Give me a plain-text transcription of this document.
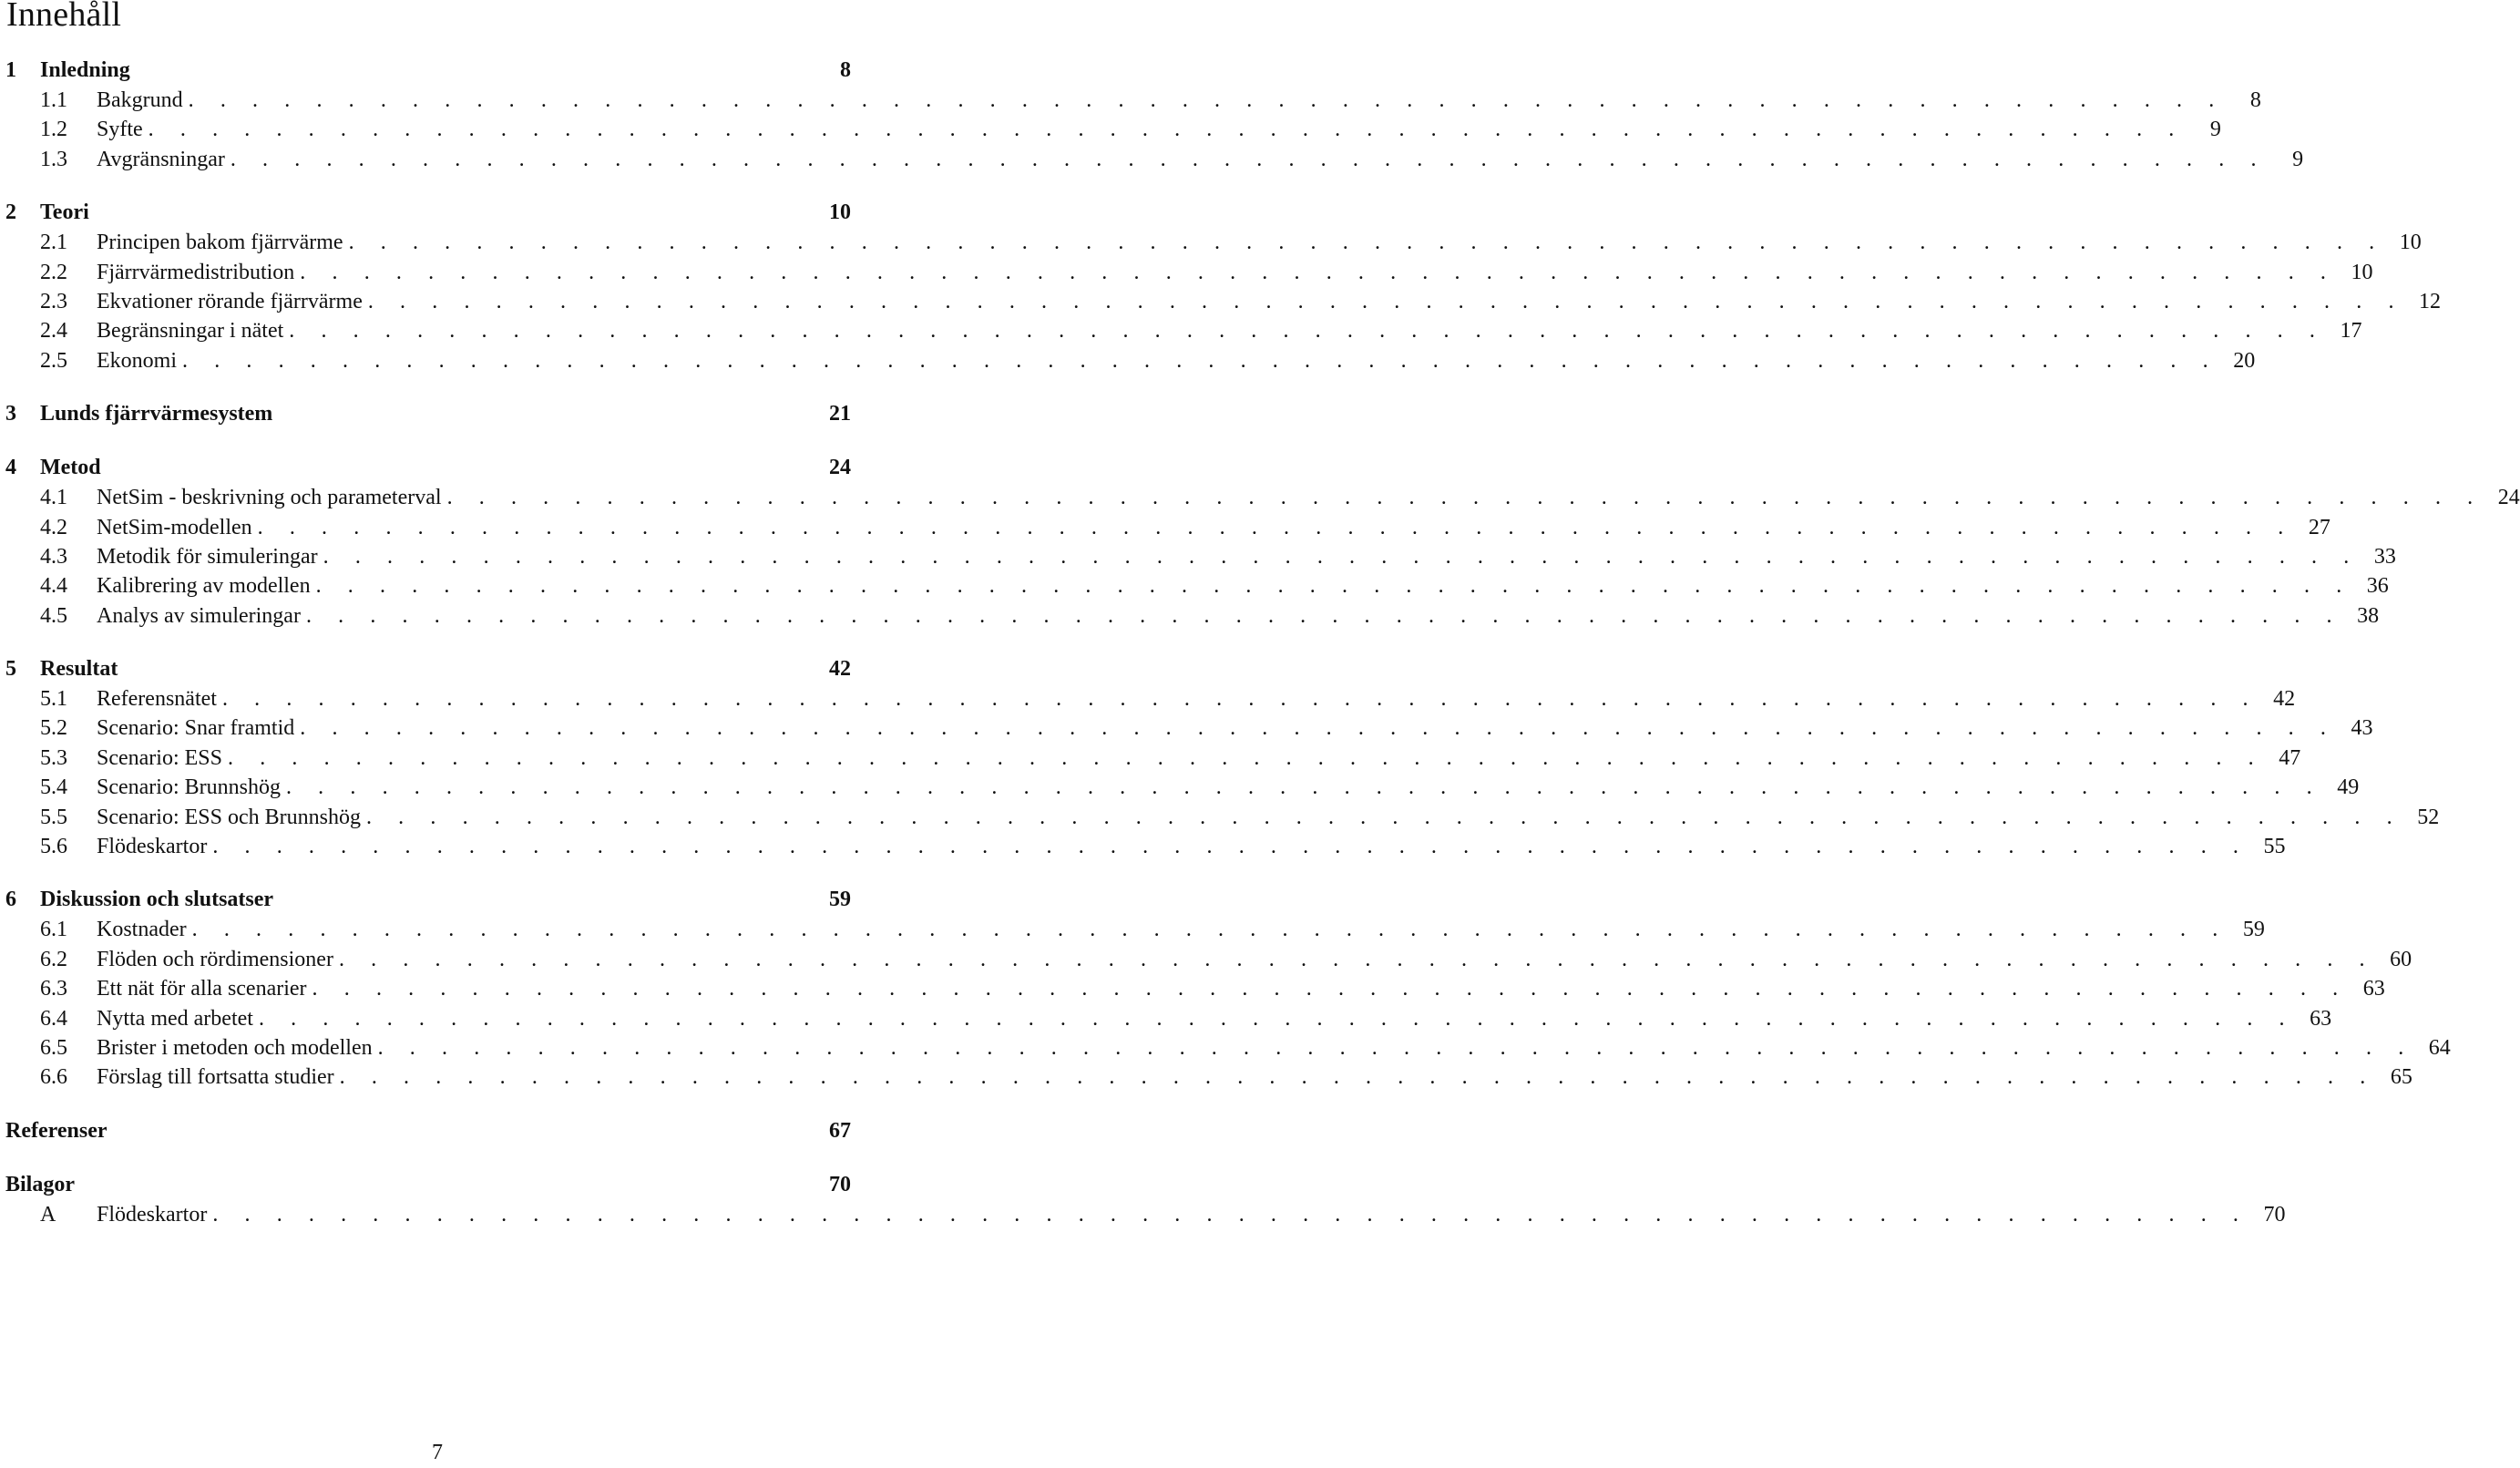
Innehåll
1 Inledning	8
1.1 Bakgrund . . . . . . . . . . . . . . . . . . . . . . . . . . . . . . . . . . . . . . . . . . . . . . . . . . . . . . . . . . . . . . . .	8
1.2 Syfte . . . . . . . . . . . . . . . . . . . . . . . . . . . . . . . . . . . . . . . . . . . . . . . . . . . . . . . . . . . . . . . .	9
1.3 Avgränsningar . . . . . . . . . . . . . . . . . . . . . . . . . . . . . . . . . . . . . . . . . . . . . . . . . . . . . . . . . . . . . . . .	9
2 Teori	10
2.1 Principen bakom fjärrvärme . . . . . . . . . . . . . . . . . . . . . . . . . . . . . . . . . . . . . . . . . . . . . . . . . . . . . . . . . . . . . . . . 10
2.2 Fjärrvärmedistribution . . . . . . . . . . . . . . . . . . . . . . . . . . . . . . . . . . . . . . . . . . . . . . . . . . . . . . . . . . . . . . . . 10
2.3 Ekvationer rörande fjärrvärme . . . . . . . . . . . . . . . . . . . . . . . . . . . . . . . . . . . . . . . . . . . . . . . . . . . . . . . . . . . . . . . . 12
2.4 Begränsningar i nätet . . . . . . . . . . . . . . . . . . . . . . . . . . . . . . . . . . . . . . . . . . . . . . . . . . . . . . . . . . . . . . . . 17
2.5 Ekonomi . . . . . . . . . . . . . . . . . . . . . . . . . . . . . . . . . . . . . . . . . . . . . . . . . . . . . . . . . . . . . . . . 20
3 Lunds fjärrvärmesystem	21
4 Metod	24
4.1 NetSim - beskrivning och parameterval . . . . . . . . . . . . . . . . . . . . . . . . . . . . . . . . . . . . . . . . . . . . . . . . . . . . . . . . . . . . . . . . 24
4.2 NetSim-modellen . . . . . . . . . . . . . . . . . . . . . . . . . . . . . . . . . . . . . . . . . . . . . . . . . . . . . . . . . . . . . . . . 27
4.3 Metodik för simuleringar . . . . . . . . . . . . . . . . . . . . . . . . . . . . . . . . . . . . . . . . . . . . . . . . . . . . . . . . . . . . . . . . 33
4.4 Kalibrering av modellen . . . . . . . . . . . . . . . . . . . . . . . . . . . . . . . . . . . . . . . . . . . . . . . . . . . . . . . . . . . . . . . . 36
4.5 Analys av simuleringar . . . . . . . . . . . . . . . . . . . . . . . . . . . . . . . . . . . . . . . . . . . . . . . . . . . . . . . . . . . . . . . . 38
5 Resultat	42
5.1 Referensnätet . . . . . . . . . . . . . . . . . . . . . . . . . . . . . . . . . . . . . . . . . . . . . . . . . . . . . . . . . . . . . . . . 42
5.2 Scenario: Snar framtid . . . . . . . . . . . . . . . . . . . . . . . . . . . . . . . . . . . . . . . . . . . . . . . . . . . . . . . . . . . . . . . . 43
5.3 Scenario: ESS . . . . . . . . . . . . . . . . . . . . . . . . . . . . . . . . . . . . . . . . . . . . . . . . . . . . . . . . . . . . . . . . 47
5.4 Scenario: Brunnshög . . . . . . . . . . . . . . . . . . . . . . . . . . . . . . . . . . . . . . . . . . . . . . . . . . . . . . . . . . . . . . . . 49
5.5 Scenario: ESS och Brunnshög . . . . . . . . . . . . . . . . . . . . . . . . . . . . . . . . . . . . . . . . . . . . . . . . . . . . . . . . . . . . . . . . 52
5.6 Flödeskartor . . . . . . . . . . . . . . . . . . . . . . . . . . . . . . . . . . . . . . . . . . . . . . . . . . . . . . . . . . . . . . . . 55
6 Diskussion och slutsatser	59
6.1 Kostnader . . . . . . . . . . . . . . . . . . . . . . . . . . . . . . . . . . . . . . . . . . . . . . . . . . . . . . . . . . . . . . . . 59
6.2 Flöden och rördimensioner . . . . . . . . . . . . . . . . . . . . . . . . . . . . . . . . . . . . . . . . . . . . . . . . . . . . . . . . . . . . . . . . 60
6.3 Ett nät för alla scenarier . . . . . . . . . . . . . . . . . . . . . . . . . . . . . . . . . . . . . . . . . . . . . . . . . . . . . . . . . . . . . . . . 63
6.4 Nytta med arbetet . . . . . . . . . . . . . . . . . . . . . . . . . . . . . . . . . . . . . . . . . . . . . . . . . . . . . . . . . . . . . . . . 63
6.5 Brister i metoden och modellen . . . . . . . . . . . . . . . . . . . . . . . . . . . . . . . . . . . . . . . . . . . . . . . . . . . . . . . . . . . . . . . . 64
6.6 Förslag till fortsatta studier . . . . . . . . . . . . . . . . . . . . . . . . . . . . . . . . . . . . . . . . . . . . . . . . . . . . . . . . . . . . . . . . 65
Referenser	67
Bilagor	70
A Flödeskartor . . . . . . . . . . . . . . . . . . . . . . . . . . . . . . . . . . . . . . . . . . . . . . . . . . . . . . . . . . . . . . . . 70
7
